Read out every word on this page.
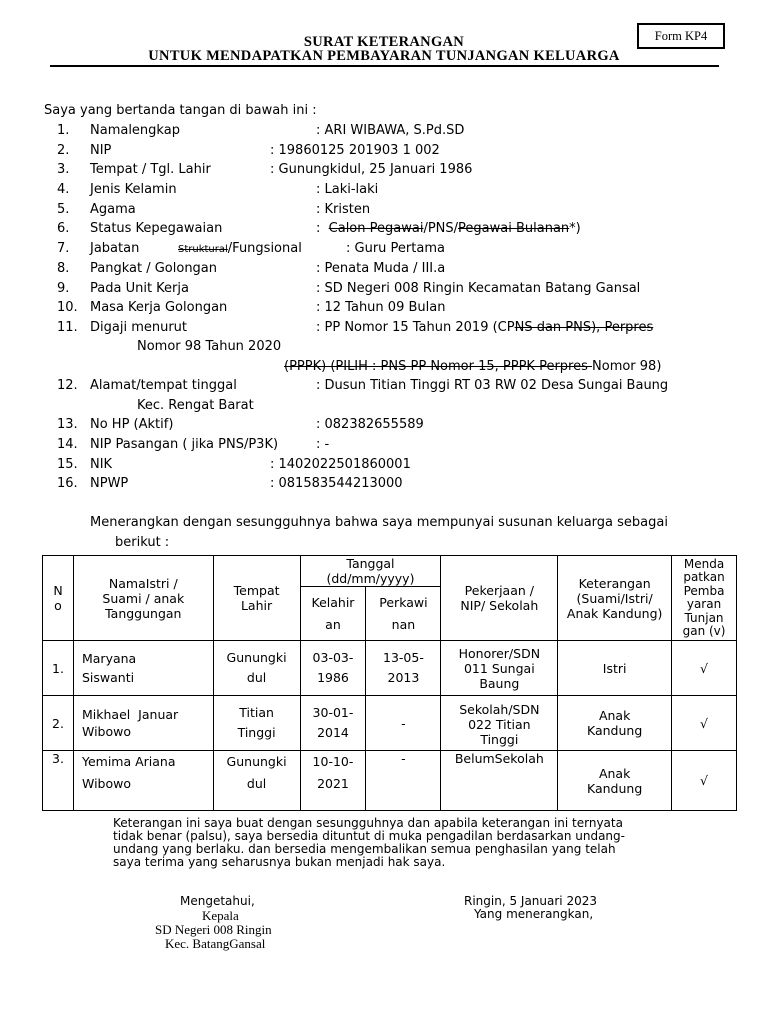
Form KP4
SURAT KETERANGAN
UNTUK MENDAPATKAN PEMBAYARAN TUNJANGAN KELUARGA
Saya yang bertanda tangan di bawah ini :
1. Namalengkap	: ARI WIBAWA, S.Pd.SD
2. NIP	: 19860125 201903 1 002
3. Tempat / Tgl. Lahir	: Gunungkidul, 25 Januari 1986
4. Jenis Kelamin	: Laki-laki
5. Agama	: Kristen
6. Status Kepegawaian	: Calon Pegawai/PNS/Pegawai Bulanan*)
7. Jabatan	Struktural/Fungsional	: Guru Pertama
8. Pangkat / Golongan	: Penata Muda / III.a
9. Pada Unit Kerja	: SD Negeri 008 Ringin Kecamatan Batang Gansal
10. Masa Kerja Golongan	: 12 Tahun 09 Bulan
11. Digaji menurut	: PP Nomor 15 Tahun 2019 (CPNS dan PNS), Perpres
Nomor 98 Tahun 2020
(PPPK) (PILIH : PNS PP Nomor 15, PPPK Perpres Nomor 98)
12. Alamat/tempat tinggal	: Dusun Titian Tinggi RT 03 RW 02 Desa Sungai Baung
Kec. Rengat Barat
13. No HP (Aktif)	: 082382655589
14. NIP Pasangan ( jika PNS/P3K)	: -
15. NIK	: 1402022501860001
16. NPWP	: 081583544213000
Menerangkan dengan sesungguhnya bahwa saya mempunyai susunan keluarga sebagai
berikut :
N o	NamaIstri / Suami / anak Tanggungan	Tempat Lahir	Tanggal (dd/mm/yyyy)		Pekerjaan / NIP/ Sekolah	Keterangan (Suami/Istri/ Anak Kandung)	Menda patkan Pemba yaran Tunjan gan (v)
			Kelahir an	Perkawi nan			
1.	Maryana Siswanti	Gunungki dul	03-03- 1986	13-05- 2013	Honorer/SDN 011 Sungai Baung	Istri	√
2.	Mikhael  Januar Wibowo	Titian Tinggi	30-01- 2014	-	Sekolah/SDN 022 Titian Tinggi	Anak Kandung	√
3.	Yemima Ariana Wibowo	Gunungki dul	10-10- 2021	-	BelumSekolah	Anak Kandung	√
Keterangan ini saya buat dengan sesungguhnya dan apabila keterangan ini ternyata
tidak benar (palsu), saya bersedia dituntut di muka pengadilan berdasarkan undang-
undang yang berlaku. dan bersedia mengembalikan semua penghasilan yang telah
saya terima yang seharusnya bukan menjadi hak saya.
Mengetahui,
Kepala
SD Negeri 008 Ringin
Kec. BatangGansal
Ringin, 5 Januari 2023
Yang menerangkan,
